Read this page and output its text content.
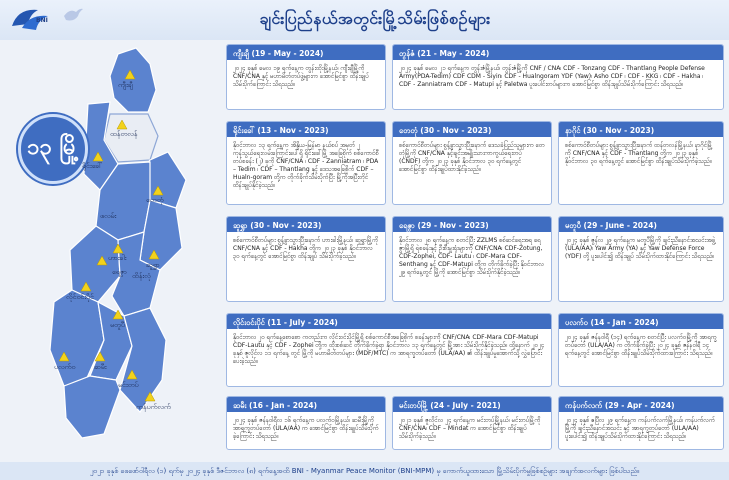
BNI	ချင်းပြည်နယ်အတွင်းမြို့သိမ်းဖြစ်စဉ်များ
၁၃ မြို့
ကျီးချီ
ထန်တလန်
ရိုင်းခေါ်
တေတုံ
ဖလမ်း
ဟားခါး
ဆူရွှာ
ရေဇွာ ထိန်းလုံ
လိုင်ဝင်းပိုင်
မတူပီ
ပလက်ဝ	ဆမီး
မင်းတပ်
ကန်ပက်လက်
ကျီးချီ (19 - May - 2024)
၂၀၂၄ ခုနှစ် မေလ ၁၉ ရက်နေ့က တွန်းထိုးမြို့နယ်၊ ကျီးချီမြို့ကို CNF/CNA နှင့် မဟာမိတ်တပ်ဖွဲ့များက အောင်မြင်စွာ ထိန်းချုပ်သိမ်းပိုက်ကြောင်း သိရသည်။
တွန်ဇံ (21 - May - 2024)
၂၀၂၄ ခုနှစ် မေလ ၂၁ ရက်နေ့က တွန်းဇံမြို့နယ်၊ တွန်းဇံမြို့ကို CNF / CNA၊ CDF - Tonzang CDF - Thantlang People Defense Army(PDA-Tedim) CDF CDM - Siyin၊ CDF - Hualngoram YDF (Yaw)၊ Asho CDF ၊ CDF - KKG ၊ CDF - Hakha ၊ CDF - Zanniatram၊ CDF - Matupi နှင့် Paletwa ပူးပေါင်းတပ်များက အောင်မြင်စွာ ထိန်းချုပ်သိမ်းပိုက်ကြောင်း သိရသည်။
ရိုင်းခေါ် (13 - Nov - 2023)
နိုဝင်ဘာလ ၁၃ ရက်နေ့က အိန္ဒိယ-မြန်မာ နယ်စပ် အမှတ် ၂ ကုန်သွယ်ရေးလမ်းကြောင်းပေါ်ရှိ ရိုင်းခေါ်မြို့ အခြေစိုက် စစ်ကောင်စီတပ်စခန်း (၂) ခုကို CNF/CNA ၊ CDF - Zanniatram ၊ PDA – Tedim ၊ CDF – Thantlang နှင့် ဒေသအခြေစိုက် CDF – Hualn-goram တို့က တိုက်ခိုက်သိမ်းပိုက်ပြီး မြို့ကိုအပြီးတိုင် ထိန်းချုပ်နိုင်ခဲ့သည်။
တေတုံ (30 - Nov - 2023)
စစ်ကောင်စီတပ်များ စွန့်ခွာသွားပြီးနောက် ဒေသခံပြည်သူများက တေတုံမြို့ကို CNF/CNA နှင့်ချင်းအမျိုးသားကာကွယ်ရေးတပ် (CNDF) တို့က ၂၀၂၃ ခုနှစ် နိုဝင်ဘာလ ၃၀ ရက်နေ့တွင် အောင်မြင်စွာ ထိန်းချုပ်ထားနိုင်ခဲ့သည်။
နာဂိုင် (30 - Nov - 2023)
စစ်ကောင်စီတပ်များ စွန့်ခွာသွားပြီးနောက် ထန်တလန်မြို့နယ်၊ နာဂိုင်မြို့ကို CNF/CNA နှင့် CDF - Thantlang တို့က ၂၀၂၃ ခုနှစ် နိုဝင်ဘာလ ၃၀ ရက်နေ့တွင် အောင်မြင်စွာ ထိန်းချုပ်သိမ်းပိုက်ခဲ့သည်။
ဆူရွှာ (30 - Nov - 2023)
စစ်ကောင်စီတပ်များ စွန့်ခွာသွားပြီးနောက် ဟားခါးမြို့နယ်၊ ဆူရွှာမြို့ကို CNF/CNA နှင့် CDF - Hakha တို့က ၂၀၂၃ ခုနှစ် နိုဝင်ဘာလ ၃၀ ရက်နေ့တွင် အောင်မြင်စွာ ထိန်းချုပ် သိမ်းပိုက်ခဲ့သည်။
ရေဇွာ (29 - Nov - 2023)
နိုဝင်ဘာလ ၂၈ ရက်နေ့က စတင်ပြီး ZZLMS စစ်ဆင်ရေးအရ ရေဇွာမြို့ရှိ ရဲစခန်းနှင့် ဦးစီးမှူးရုံးများကို CNF/CNA၊ CDF-Zotung, CDF-Zophei, CDF- Lautu ၊ CDF-Mara CDF-Senthang နှင့် CDF-Matupi တို့က တိုက်ခိုက်ခဲ့ပြီး နိုဝင်ဘာလ ၂၉ ရက်နေ့တွင် မြို့ကို အောင်မြင်စွာ သိမ်းပိုက်နိုင်ခဲ့သည်။
မတူပီ (29 - June - 2024)
၂၀၂၄ ခုနှစ် ဇွန်လ ၂၉ ရက်နေ့က မတူပီမြို့ကို ချင်းညီနောင်အသင်းအဖွဲ့ (ULA/AA)၊ Yaw Army (YA) နှင့် Yaw Defense Force (YDF) တို့ ပူးပေါင်း၍ ထိန်းချုပ် သိမ်းပိုက်ထားနိုင်ကြောင်း သိရသည်။
လိုင်းဝင်းပိုင် (11 - July - 2024)
နိုဝင်ဘာလ ၂၀ ရက်နေ့စောစော ကတည်းက လိုင်းဝင်းပိုင်မြို့ရှိ စစ်ကောင်စီအခြေစိုက် စခန်းများကို CNF/CNA၊ CDF-Mara CDF-Matupi CDF-Lautu နှင့် CDF - Zophei တို့က ထိုးစစ်ဆင် တိုက်ခိုက်ခဲ့ရာ နိုဝင်ဘာလ ၁၃ ရက်နေ့တွင် မြို့အား သိမ်းပိုက်နိုင်ခဲ့သည်။ ထို့နောက် ၂၀၂၄ ခုနှစ် ဇူလိုင်လ ၁၁ ရက်နေ့ တွင် မြို့ကို မဟာမိတ်တပ်များ (MDF/MTC) က အာရက္ခတပ်တော် (ULA/AA) ၏ ထိန်းချုပ်မှုအောက်သို့ လွှဲပြောင်းပေးခဲ့သည်။
ပလက်ဝ (14 - Jan - 2024)
၂၀၂၄ ခုနှစ် ဇန်နဝါရီ (၁၄) ရက်နေ့က စတင်ပြီး ပလက်ဝမြို့ကို အာရက္ခတပ်တော် (ULA/AA) က တိုက်ခိုက်ခဲ့ပြီး ၂၀၂၄ ခုနှစ် ဇန်နဝါရီ ၁၄ ရက်နေ့တွင် အောင်မြင်စွာ ထိန်းချုပ်သိမ်းပိုက်ထားကြောင်း သိရသည်။
ဆမီး (16 - Jan - 2024)
၂၀၂၄ ခုနှစ် ဇန်နဝါရီလ ၁၆ ရက်နေ့က ပလက်ဝမြို့နယ်၊ ဆမီးမြို့ကို အာရက္ခတပ်တော် (ULA/AA) က အောင်မြင်စွာ ထိန်းချုပ်သိမ်းပိုက်ခဲ့ကြောင်း သိရသည်။
မင်းတပ်မြို့ (24 - July - 2021)
၂၀၂၁ ခုနှစ် ဇူလိုင်လ ၂၄ ရက်နေ့က မင်းတပ်မြို့နယ်၊ မင်းတပ်မြို့ကို CNF/CNA၊ CDF – Mindat က အောင်မြင်စွာ ထိန်းချုပ်သိမ်းပိုက်ခဲ့သည်။
ကန်ပက်လက် (29 - Apr - 2024)
၂၀၂၄ ခုနှစ် ဧပြီလ ၂၉ ရက်နေ့က ကန်ပက်လက်မြို့နယ်၊ ကန်ပက်လက်မြို့ကို ချင်းညီနောင်အသင်း နှင့် အာရက္ခတပ်တော် (ULA/AA) ပူးပေါင်း၍ ထိန်းချုပ်သိမ်းပိုက်ထားနိုင်ကြောင်း သိရသည်။
၂၀၂၁ ခုနှစ် ဖေဖော်ဝါရီလ (၁) ရက်မှ ၂၀၂၄ ခုနှစ် ဒီဇင်ဘာလ (၈) ရက်နေ့အထိ BNI - Myanmar Peace Monitor (BNI-MPM) မှ ကောက်ယူထားသော မြို့သိမ်းပိုက်မှုဖြစ်စဉ်များ အချက်အလက်များ ဖြစ်ပါသည်။
